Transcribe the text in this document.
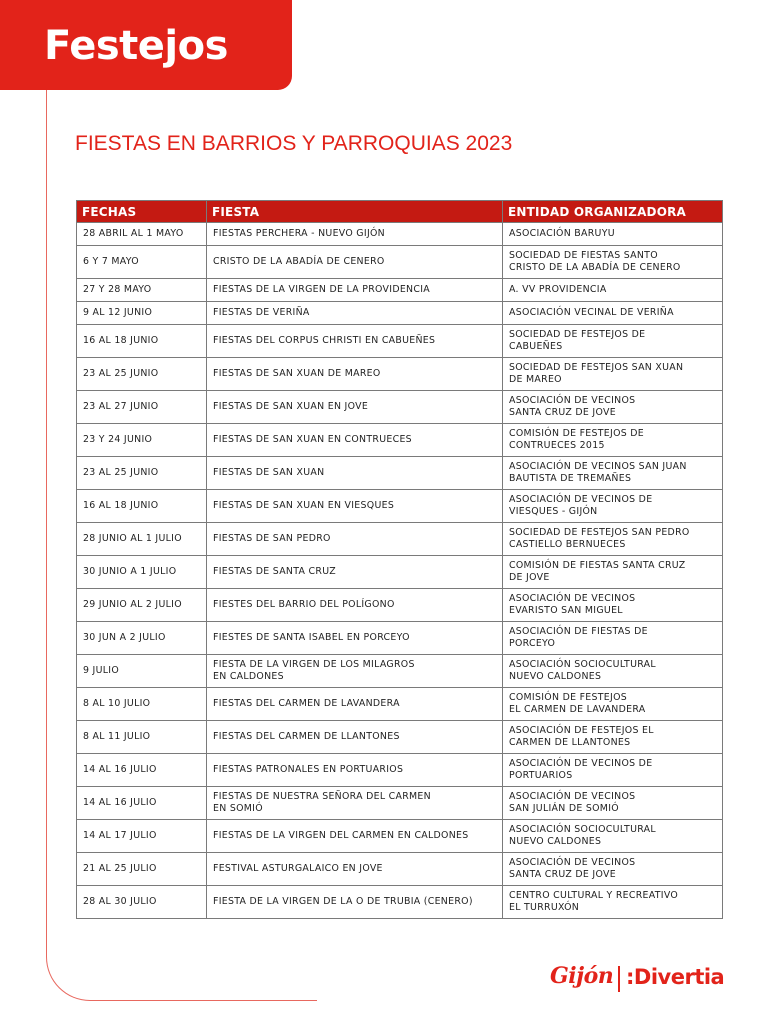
Festejos
FIESTAS EN BARRIOS Y PARROQUIAS 2023
FECHAS	FIESTA	ENTIDAD ORGANIZADORA
28 ABRIL AL 1 MAYO	FIESTAS PERCHERA - NUEVO GIJÓN	ASOCIACIÓN BARUYU
6 Y 7 MAYO	CRISTO DE LA ABADÍA DE CENERO	SOCIEDAD DE FIESTAS SANTO
CRISTO DE LA ABADÍA DE CENERO
27 Y 28 MAYO	FIESTAS DE LA VIRGEN DE LA PROVIDENCIA	A. VV PROVIDENCIA
9 AL 12 JUNIO	FIESTAS DE VERIÑA	ASOCIACIÓN VECINAL DE VERIÑA
16 AL 18 JUNIO	FIESTAS DEL CORPUS CHRISTI EN CABUEÑES	SOCIEDAD DE FESTEJOS DE
CABUEÑES
23 AL 25 JUNIO	FIESTAS DE SAN XUAN DE MAREO	SOCIEDAD DE FESTEJOS SAN XUAN
DE MAREO
23 AL 27 JUNIO	FIESTAS DE SAN XUAN EN JOVE	ASOCIACIÓN DE VECINOS
SANTA CRUZ DE JOVE
23 Y 24 JUNIO	FIESTAS DE SAN XUAN EN CONTRUECES	COMISIÓN DE FESTEJOS DE
CONTRUECES 2015
23 AL 25 JUNIO	FIESTAS DE SAN XUAN	ASOCIACIÓN DE VECINOS SAN JUAN
BAUTISTA DE TREMAÑES
16 AL 18 JUNIO	FIESTAS DE SAN XUAN EN VIESQUES	ASOCIACIÓN DE VECINOS DE
VIESQUES - GIJÓN
28 JUNIO AL 1 JULIO	FIESTAS DE SAN PEDRO	SOCIEDAD DE FESTEJOS SAN PEDRO
CASTIELLO BERNUECES
30 JUNIO A 1 JULIO	FIESTAS DE SANTA CRUZ	COMISIÓN DE FIESTAS SANTA CRUZ
DE JOVE
29 JUNIO AL 2 JULIO	FIESTES DEL BARRIO DEL POLÍGONO	ASOCIACIÓN DE VECINOS
EVARISTO SAN MIGUEL
30 JUN A 2 JULIO	FIESTES DE SANTA ISABEL EN PORCEYO	ASOCIACIÓN DE FIESTAS DE
PORCEYO
9 JULIO	FIESTA DE LA VIRGEN DE LOS MILAGROS
EN CALDONES	ASOCIACIÓN SOCIOCULTURAL
NUEVO CALDONES
8 AL 10 JULIO	FIESTAS DEL CARMEN DE LAVANDERA	COMISIÓN DE FESTEJOS
EL CARMEN DE LAVANDERA
8 AL 11 JULIO	FIESTAS DEL CARMEN DE LLANTONES	ASOCIACIÓN DE FESTEJOS EL
CARMEN DE LLANTONES
14 AL 16 JULIO	FIESTAS PATRONALES EN PORTUARIOS	ASOCIACIÓN DE VECINOS DE
PORTUARIOS
14 AL 16 JULIO	FIESTAS DE NUESTRA SEÑORA DEL CARMEN
EN SOMIÓ	ASOCIACIÓN DE VECINOS
SAN JULIÁN DE SOMIÓ
14 AL 17 JULIO	FIESTAS DE LA VIRGEN DEL CARMEN EN CALDONES	ASOCIACIÓN SOCIOCULTURAL
NUEVO CALDONES
21 AL 25 JULIO	FESTIVAL ASTURGALAICO EN JOVE	ASOCIACIÓN DE VECINOS
SANTA CRUZ DE JOVE
28 AL 30 JULIO	FIESTA DE LA VIRGEN DE LA O DE TRUBIA (CENERO)	CENTRO CULTURAL Y RECREATIVO
EL TURRUXÓN
Gijón :Divertia
